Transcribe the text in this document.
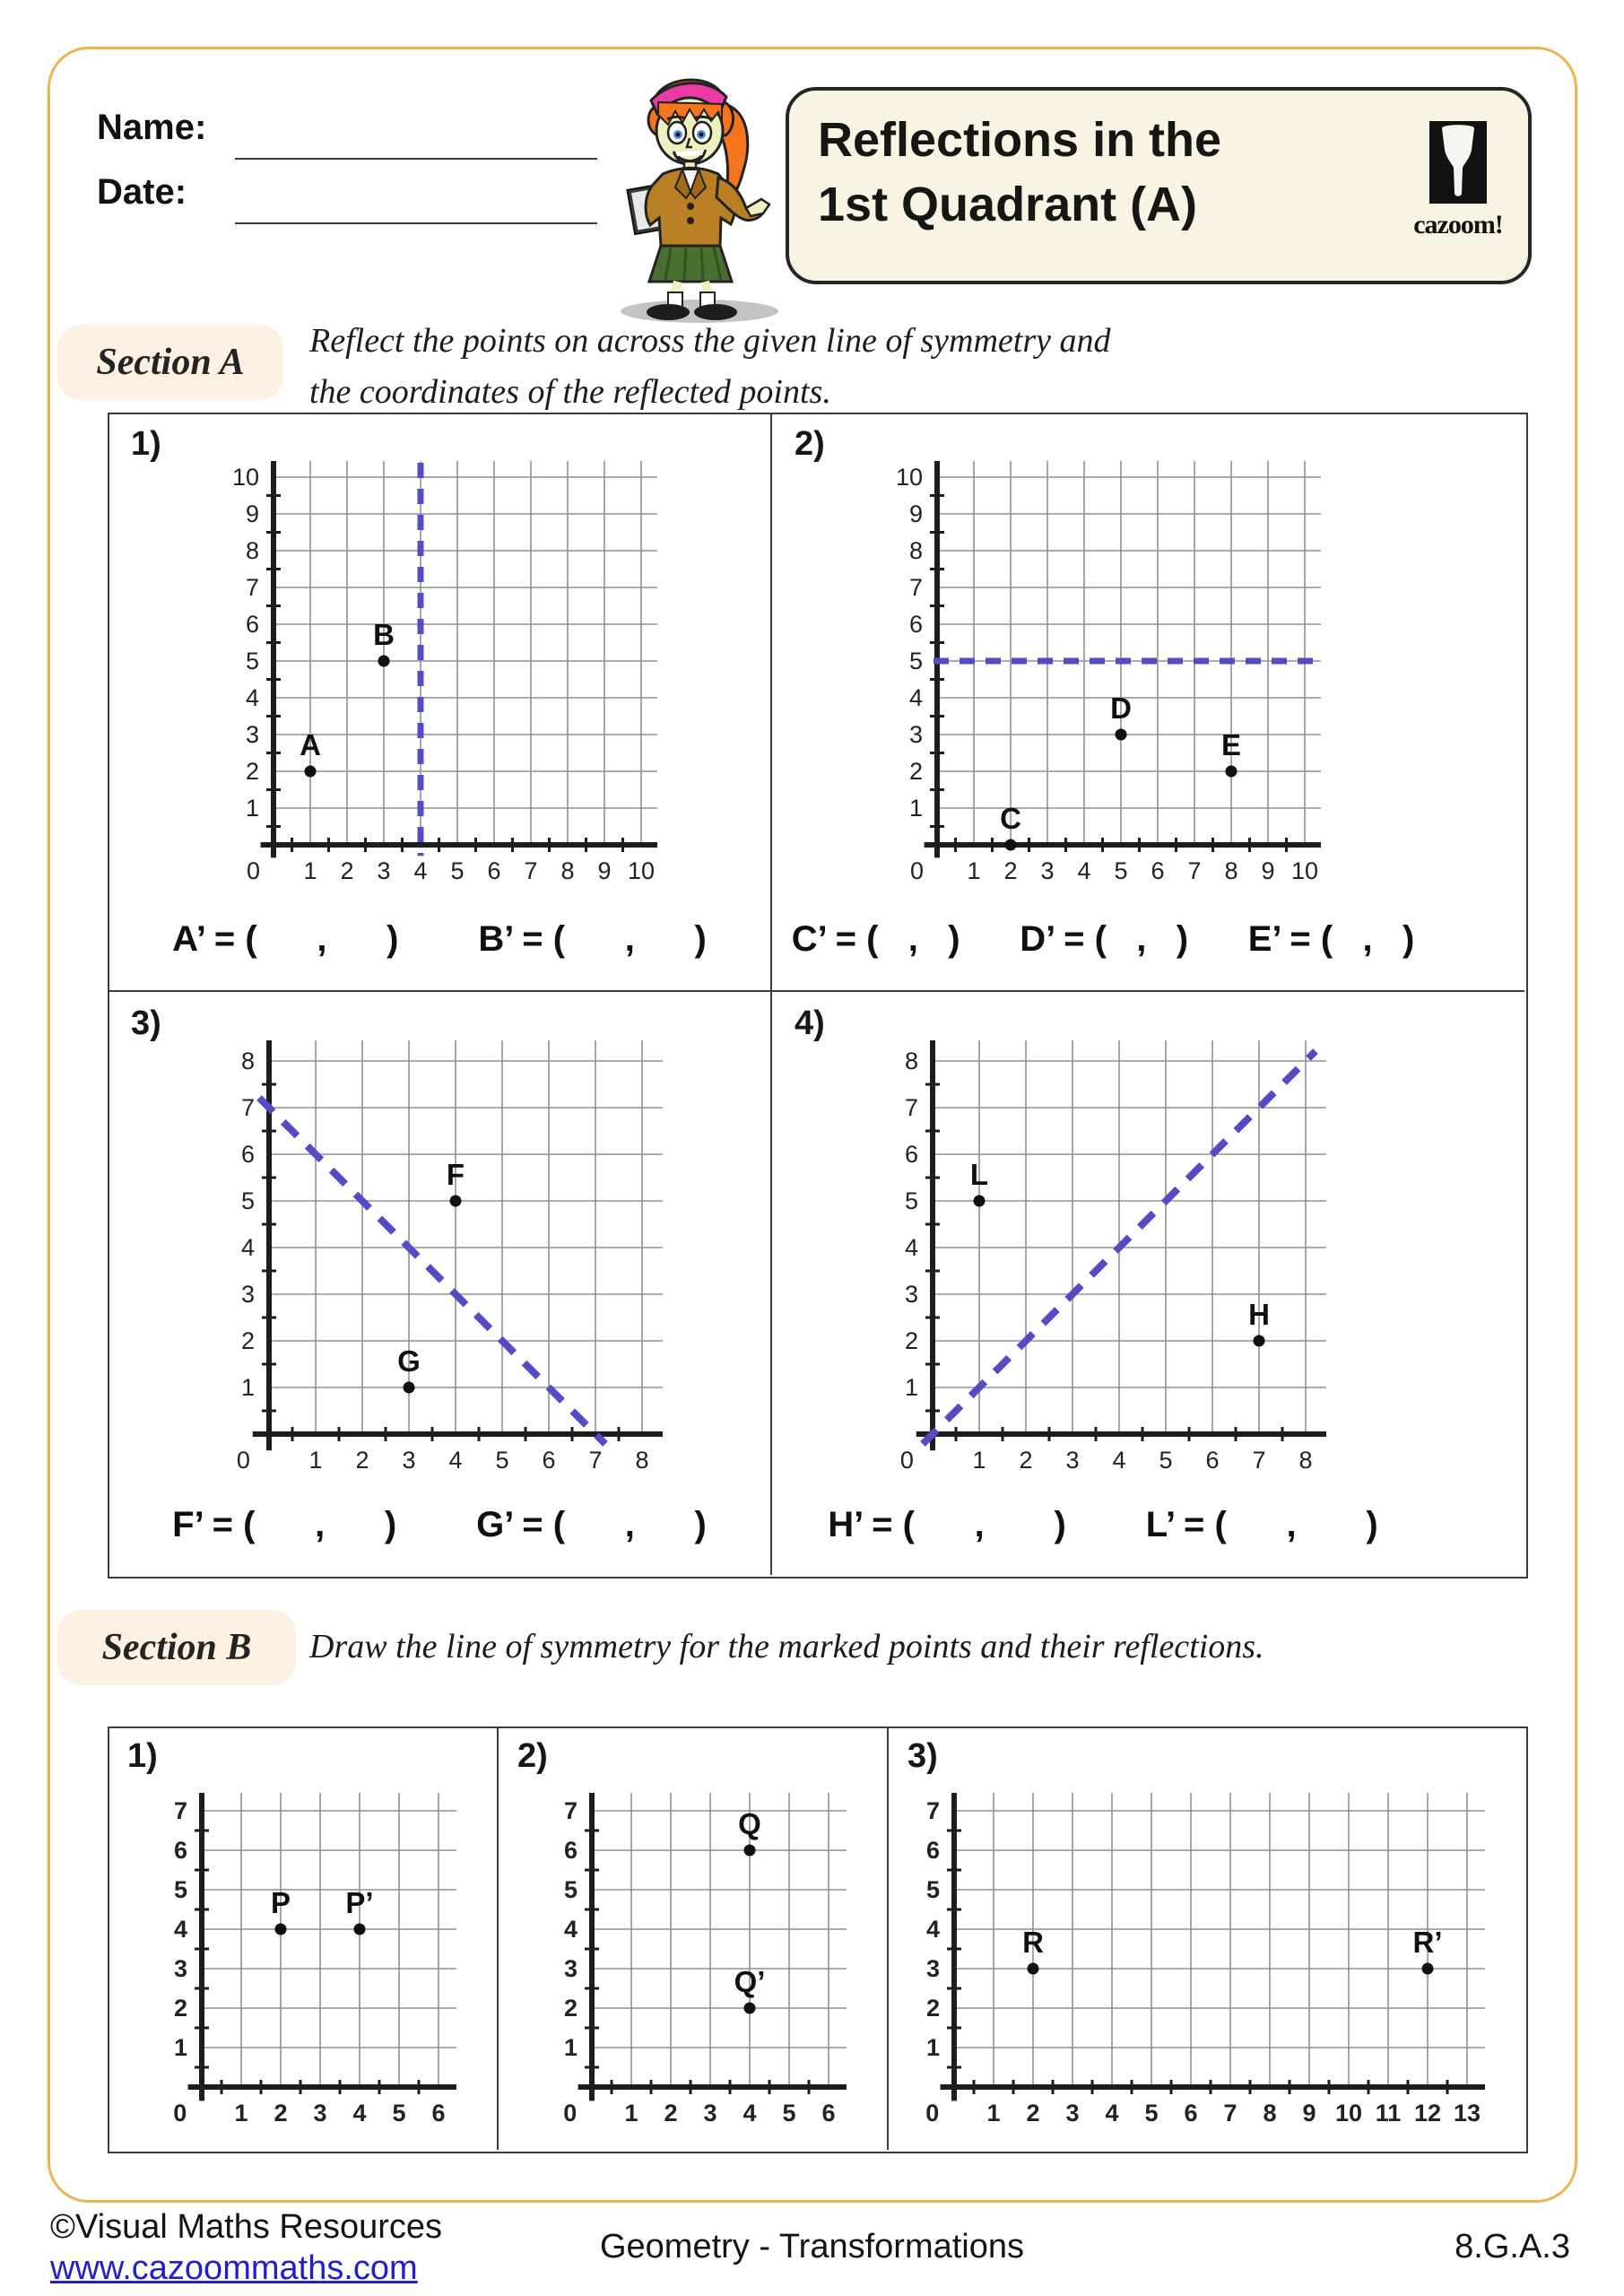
Name:
Date:
Reflections in the
1st Quadrant (A)	cazoom!
Section A
Reflect the points on across the given line of symmetry and
the coordinates of the reflected points.
1)
0 1 2 3 4 5 6 7 8 9 10
1
2
3
4
5
6
7
8
9
10
A
B
A’ = (      ,      )        B’ = (      ,      )
2)
0 1 2 3 4 5 6 7 8 9 10
1
2
3
4
5
6
7
8
9
10
C
D
E
C’ = (   ,   )      D’ = (   ,   )      E’ = (   ,   )
3)
0 1 2 3 4 5 6 7 8
1
2
3
4
5
6
7
8
F
G
F’ = (      ,      )        G’ = (      ,      )
4)
0 1 2 3 4 5 6 7 8
1
2
3
4
5
6
7
8
L
H
H’ = (      ,       )        L’ = (      ,       )
Section B Draw the line of symmetry for the marked points and their reflections.
1)
0 1 2 3 4 5 6
1
2
3
4
5
6
7
P P’
2)
0 1 2 3 4 5 6
1
2
3
4
5
6
7	Q
Q’
3)
0 1 2 3 4 5 6 7 8 9 10 11 12 13
1
2
3
4
5
6
7
R	R’
©Visual Maths Resources
www.cazoommaths.com
Geometry - Transformations	8.G.A.3
